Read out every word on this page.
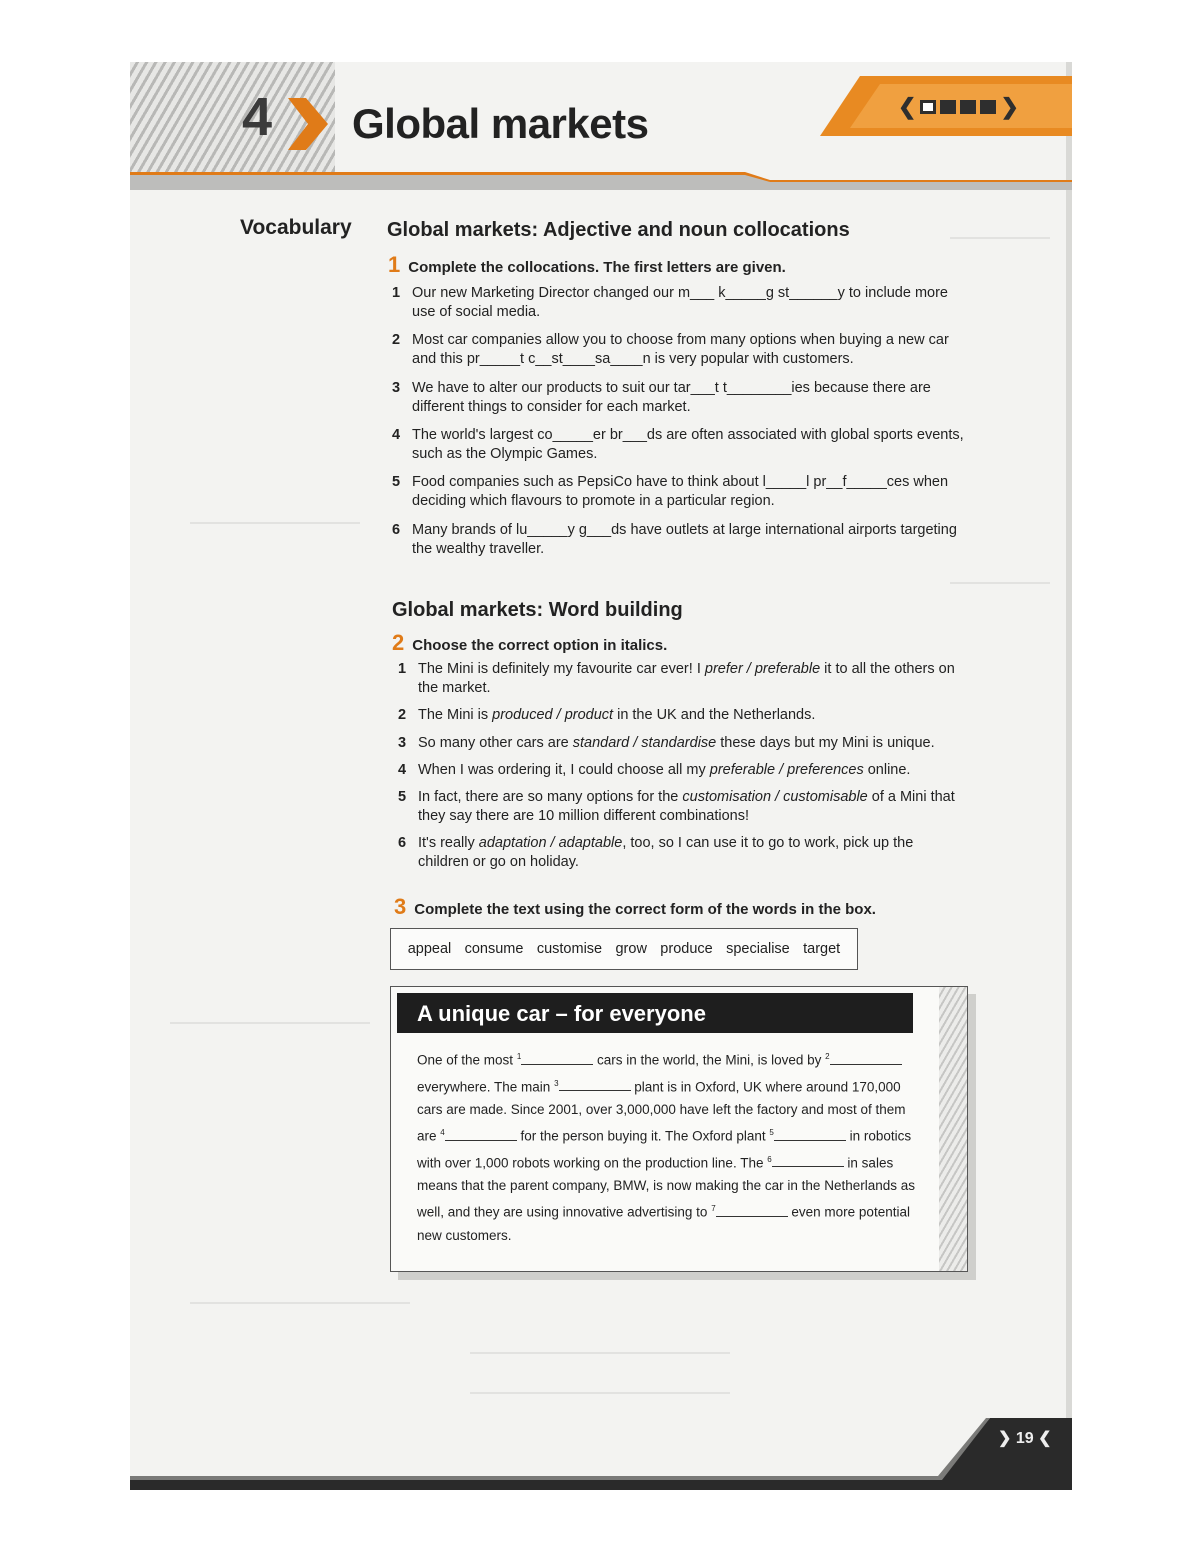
❮	❯
4 Global markets
Vocabulary Global markets: Adjective and noun collocations
1 Complete the collocations. The first letters are given.
1 Our new Marketing Director changed our m___ k_____g st______y to include more use of social media.
2 Most car companies allow you to choose from many options when buying a new car and this pr_____t c__st____sa____n is very popular with customers.
3 We have to alter our products to suit our tar___t t________ies because there are different things to consider for each market.
4 The world's largest co_____er br___ds are often associated with global sports events, such as the Olympic Games.
5 Food companies such as PepsiCo have to think about l_____l pr__f_____ces when deciding which flavours to promote in a particular region.
6 Many brands of lu_____y g___ds have outlets at large international airports targeting the wealthy traveller.
Global markets: Word building
2 Choose the correct option in italics.
1 The Mini is definitely my favourite car ever! I prefer / preferable it to all the others on the market.
2 The Mini is produced / product in the UK and the Netherlands.
3 So many other cars are standard / standardise these days but my Mini is unique.
4 When I was ordering it, I could choose all my preferable / preferences online.
5 In fact, there are so many options for the customisation / customisable of a Mini that they say there are 10 million different combinations!
6 It's really adaptation / adaptable, too, so I can use it to go to work, pick up the children or go on holiday.
3 Complete the text using the correct form of the words in the box.
appeal consume customise grow produce specialise target
A unique car – for everyone
One of the most $^1$	cars in the world, the Mini, is loved by $^2$ everywhere. The main $^3$	plant is in Oxford, UK where around 170,000 cars are made. Since 2001, over 3,000,000 have left the factory and most of them are $^4$	for the person buying it. The Oxford plant $^5$	in robotics with over 1,000 robots working on the production line. The $^6$	in sales means that the parent company, BMW, is now making the car in the Netherlands as well, and they are using innovative advertising to $^7$	even more potential new customers.
❯ 19 ❮
